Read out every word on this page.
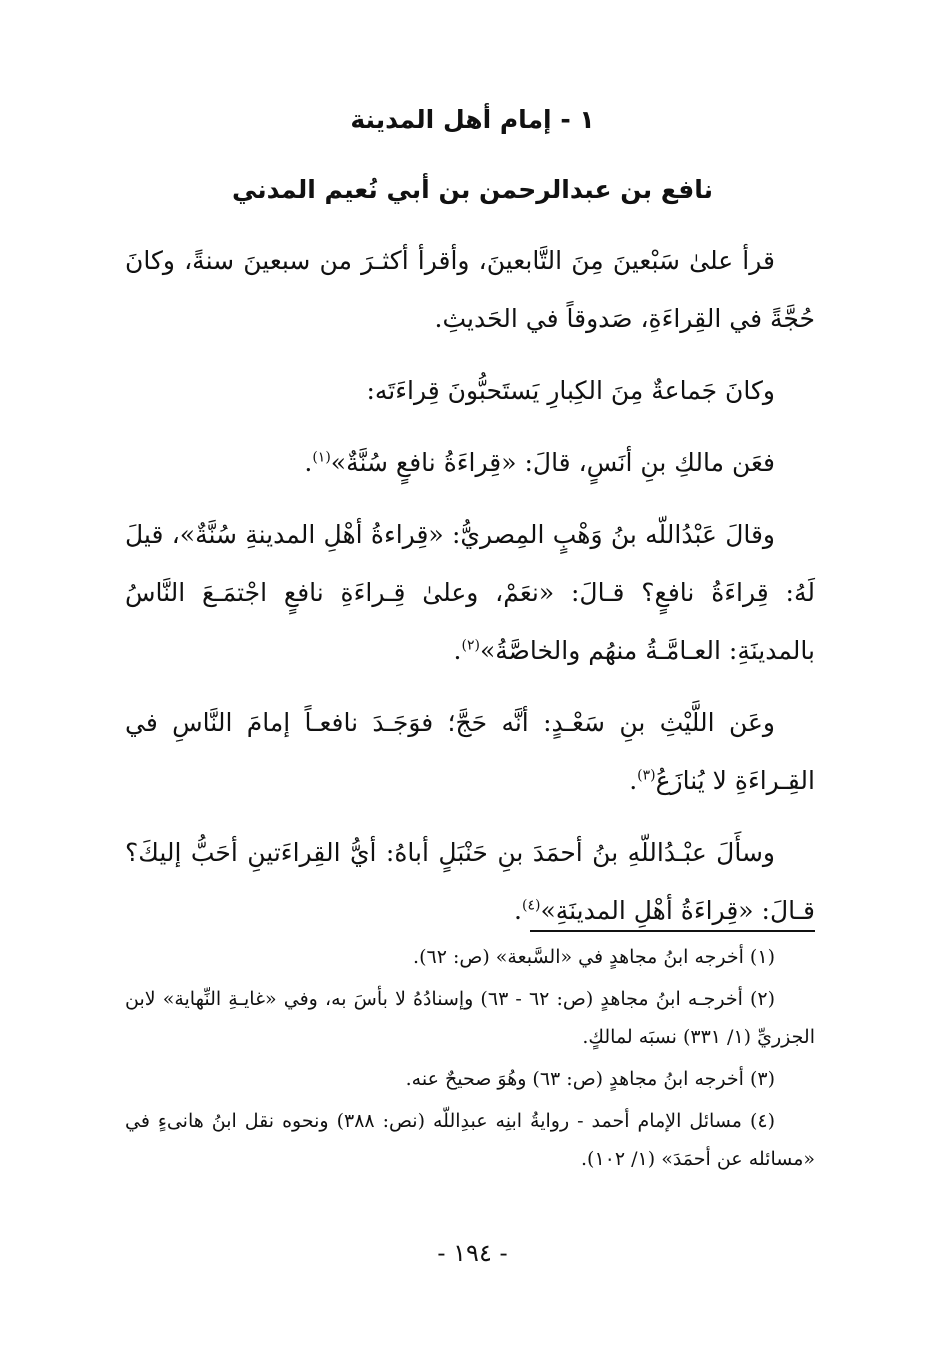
١ - إمام أهل المدينة
نافع بن عبدالرحمن بن أبي نُعيم المدني

قرأ علىٰ سَبْعينَ مِنَ التَّابعينَ، وأقرأ أكثـرَ من سبعينَ سنةً، وكانَ حُجَّةً في القِراءَةِ، صَدوقاً في الحَديثِ.

وكانَ جَماعةٌ مِنَ الكِبارِ يَستَحبُّونَ قِراءَتَه:

فعَن مالكِ بنِ أنَسٍ، قالَ: «قِراءَةُ نافعٍ سُنَّةٌ»$^{(١)}$.

وقالَ عَبْدُاللّه بنُ وَهْبٍ المِصريُّ: «قِراءةُ أهْلِ المدينةِ سُنَّةٌ»، قيلَ لَهُ: قِراءَةُ نافعٍ؟ قـالَ: «نعَمْ، وعلىٰ قِـراءَةِ نافعٍ اجْتمَـعَ النَّاسُ بالمدينَةِ: العـامَّـةُ منهُم والخاصَّةُ»$^{(٢)}$.

وعَن اللَّيْثِ بنِ سَعْـدٍ: أنَّه حَجَّ؛ فوَجَـدَ نافعـاً إمامَ النَّاسِ في القِـراءَةِ لا يُنازَعُ$^{(٣)}$.

وسأَلَ عبْـدُاللّهِ بنُ أحمَدَ بنِ حَنْبَلٍ أباهُ: أيُّ القِراءَتينِ أحَبُّ إليكَ؟ قـالَ: «قِراءَةُ أهْلِ المدينَةِ»$^{(٤)}$.

(١) أخرجه ابنُ مجاهدٍ في «السَّبعة» (ص: ٦٢).

(٢) أخرجـه ابنُ مجاهدٍ (ص: ٦٢ - ٦٣) وإسنادُهُ لا بأسَ به، وفي «غايـةِ النِّهاية» لابن الجزريِّ (١/ ٣٣١) نسبَه لمالكٍ.

(٣) أخرجه ابنُ مجاهدٍ (ص: ٦٣) وهُوَ صحيحٌ عنه.

(٤) مسائل الإمام أحمد - روايةُ ابنِه عبدِاللّه (نص: ٣٨٨) ونحوه نقل ابنُ هانىءٍ في «مسائله عن أحمَدَ» (١/ ١٠٢).

- ١٩٤ -
